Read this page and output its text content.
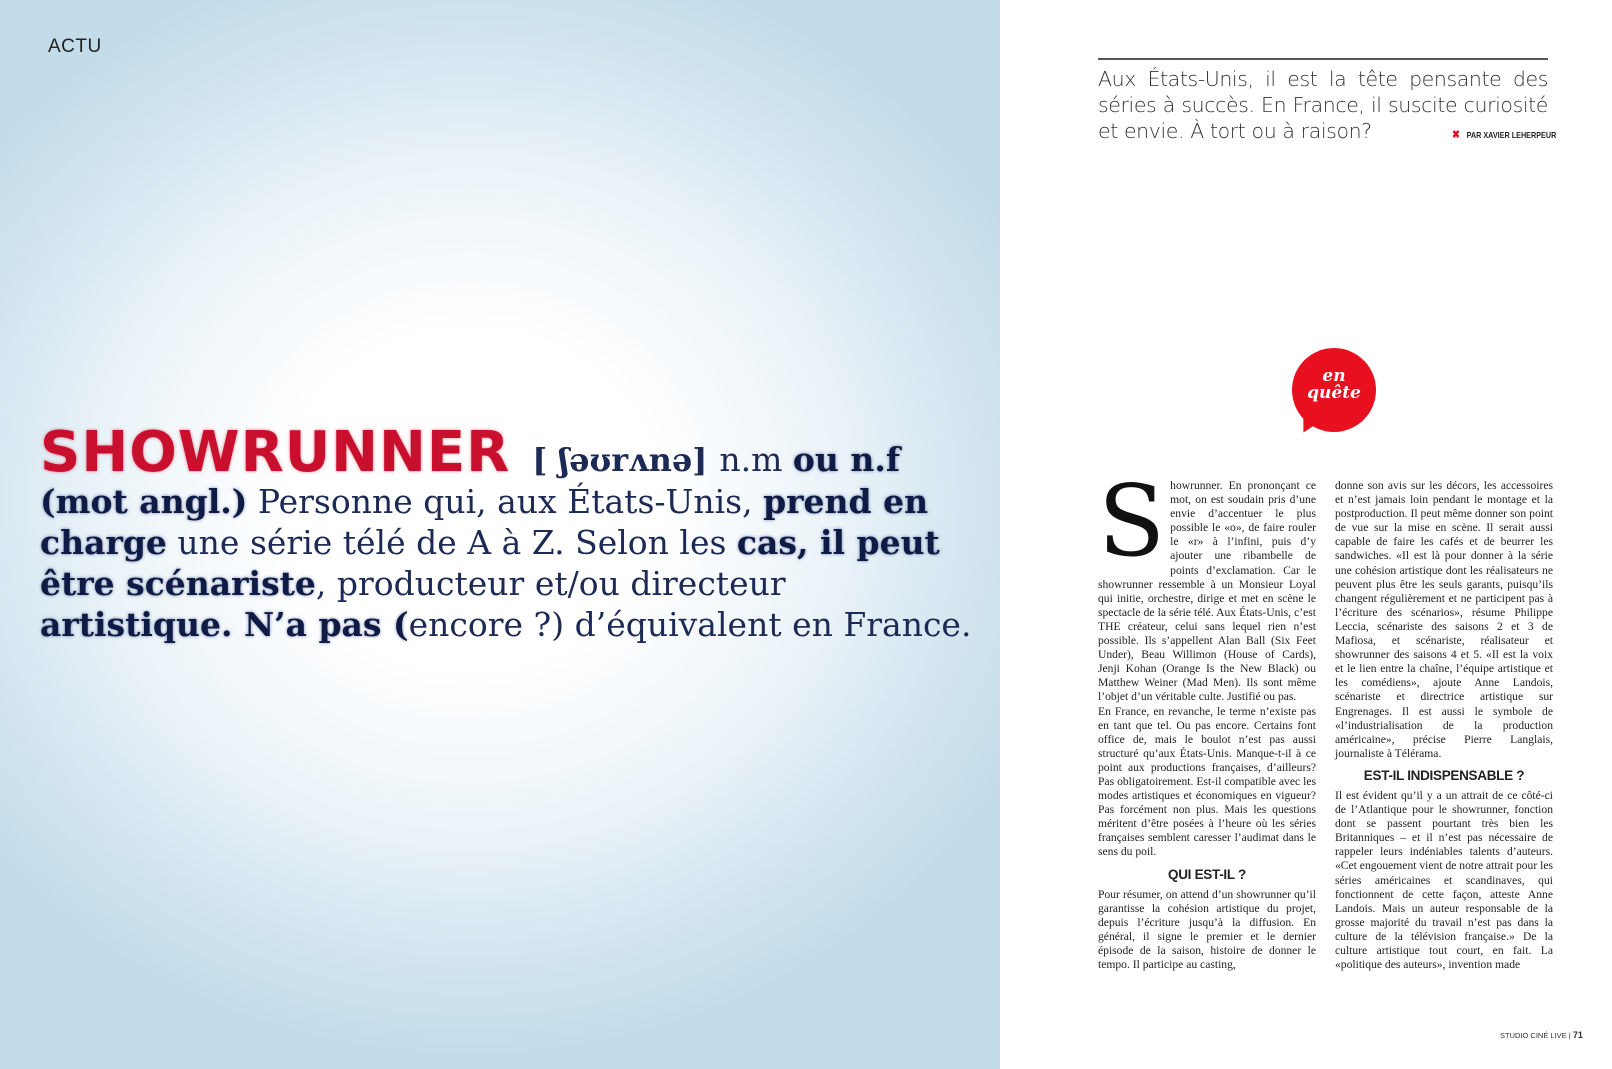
ACTU
SHOWRUNNER [ ʃəʊrʌnə] n.m ou n.f (mot angl.) Personne qui, aux États-Unis, prend en charge une série télé de A à Z. Selon les cas, il peut être scénariste, producteur et/ou directeur artistique. N’a pas (encore ?) d’équivalent en France.
Aux États-Unis, il est la tête pensante des séries à succès. En France, il suscite curiosité et envie. À tort ou à raison?	✖ PAR XAVIER LEHERPEUR
en
quête
S howrunner. En prononçant ce mot, on est soudain pris d’une envie d’accentuer le plus possible le «o», de faire rouler le «r» à l’infini, puis d’y ajouter une ribambelle de points d’exclamation. Car le showrunner ressemble à un Monsieur Loyal qui initie, orchestre, dirige et met en scène le spectacle de la série télé. Aux États-Unis, c’est THE créateur, celui sans lequel rien n’est possible. Ils s’appellent Alan Ball (Six Feet Under), Beau Willimon (House of Cards), Jenji Kohan (Orange Is the New Black) ou Matthew Weiner (Mad Men). Ils sont même l’objet d’un véritable culte. Justifié ou pas.

En France, en revanche, le terme n’existe pas en tant que tel. Ou pas encore. Certains font office de, mais le boulot n’est pas aussi structuré qu’aux États-Unis. Manque-t-il à ce point aux productions françaises, d’ailleurs? Pas obligatoirement. Est-il compatible avec les modes artistiques et économiques en vigueur? Pas forcément non plus. Mais les questions méritent d’être posées à l’heure où les séries françaises semblent caresser l’audimat dans le sens du poil.

QUI EST-IL ?

Pour résumer, on attend d’un showrunner qu’il garantisse la cohésion artistique du projet, depuis l’écriture jusqu’à la diffusion. En général, il signe le premier et le dernier épisode de la saison, histoire de donner le tempo. Il participe au casting,

donne son avis sur les décors, les accessoires et n’est jamais loin pendant le montage et la postproduction. Il peut même donner son point de vue sur la mise en scène. Il serait aussi capable de faire les cafés et de beurrer les sandwiches. «Il est là pour donner à la série une cohésion artistique dont les réalisateurs ne peuvent plus être les seuls garants, puisqu’ils changent régulièrement et ne participent pas à l’écriture des scénarios», résume Philippe Leccia, scénariste des saisons 2 et 3 de Mafiosa, et scénariste, réalisateur et showrunner des saisons 4 et 5. «Il est la voix et le lien entre la chaîne, l’équipe artistique et les comédiens», ajoute Anne Landois, scénariste et directrice artistique sur Engrenages. Il est aussi le symbole de «l’industrialisation de la production américaine», précise Pierre Langlais, journaliste à Télérama.

EST-IL INDISPENSABLE ?

Il est évident qu’il y a un attrait de ce côté-ci de l’Atlantique pour le showrunner, fonction dont se passent pourtant très bien les Britanniques – et il n’est pas nécessaire de rappeler leurs indéniables talents d’auteurs. «Cet engouement vient de notre attrait pour les séries américaines et scandinaves, qui fonctionnent de cette façon, atteste Anne Landois. Mais un auteur responsable de la grosse majorité du travail n’est pas dans la culture de la télévision française.» De la culture artistique tout court, en fait. La «politique des auteurs», invention made

STUDIO CINÉ LIVE | 71
